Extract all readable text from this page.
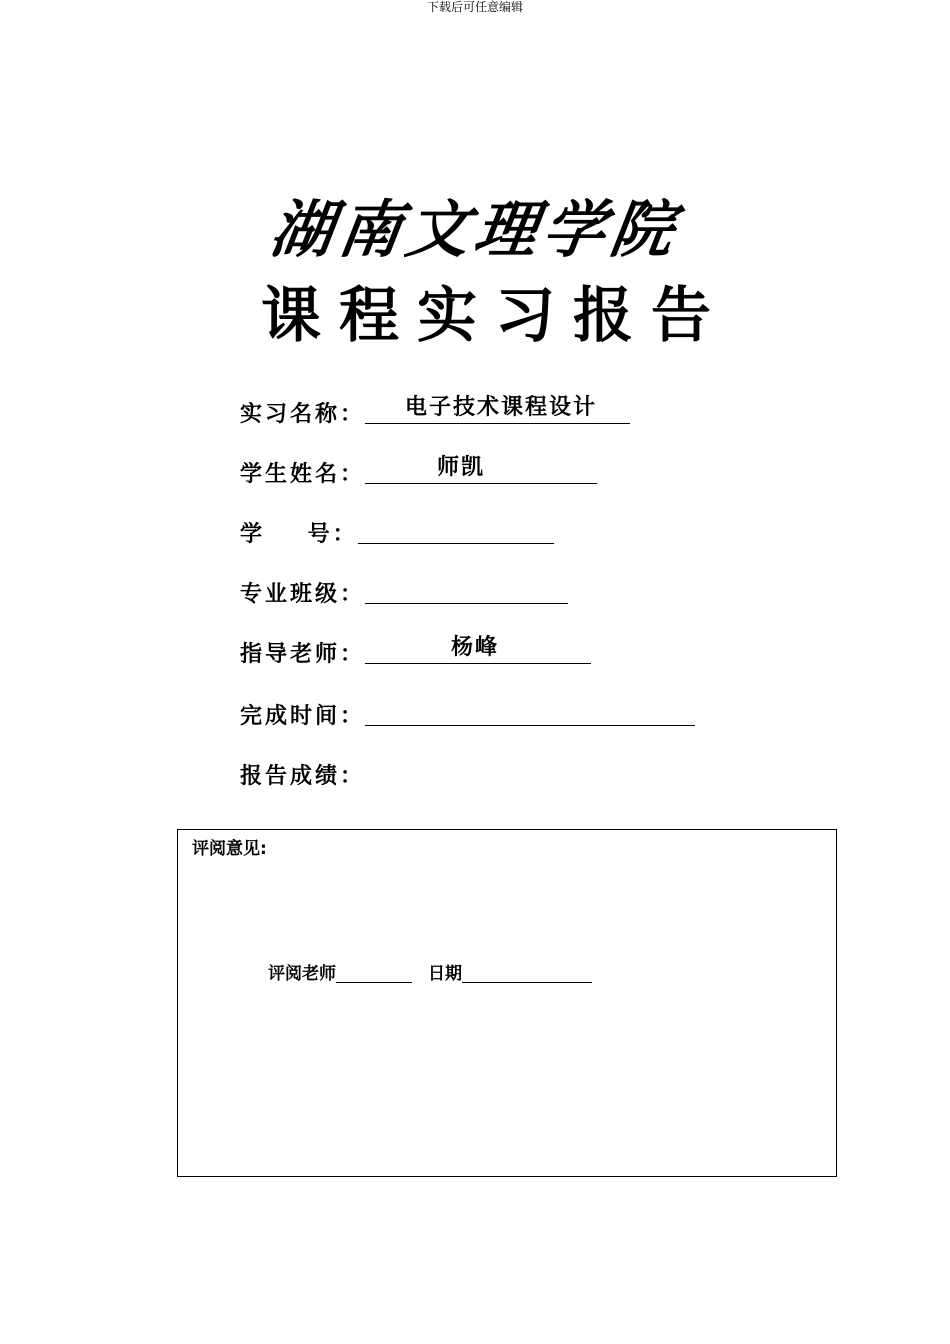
下载后可任意编辑
湖南文理学院
课程实习报告
实习名称： 电子技术课程设计
学生姓名：	师凯
学    号：
专业班级：
指导老师：	杨峰
完成时间：
报告成绩：
评阅意见:
评阅老师	日期
